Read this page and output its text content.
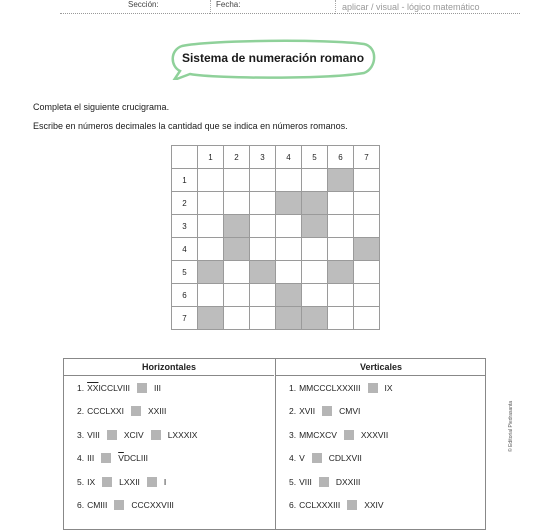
Sección:	Fecha:	aplicar / visual - lógico matemático
Sistema de numeración romano
Completa el siguiente crucigrama.
Escribe en números decimales la cantidad que se indica en números romanos.
	1	2	3	4	5	6	7
1							
2							
3							
4							
5							
6							
7							
Horizontales
1. $\overline{XX}ICCLVIII$	III
2. CCCLXXI	XXIII
3. VIII	XCIV	LXXXIX
4. III	$\overline{V}DCLIII$
5. IX	LXXII	I
6. CMIII	CCCXXVIII
Verticales
1. MMCCCLXXXIII	IX
2. XVII	CMVI
3. MMCXCV	XXXVII
4. V	CDLXVII
5. VIII	DXXIII
6. CCLXXXIII	XXIV
© Editorial Piedrasanta
